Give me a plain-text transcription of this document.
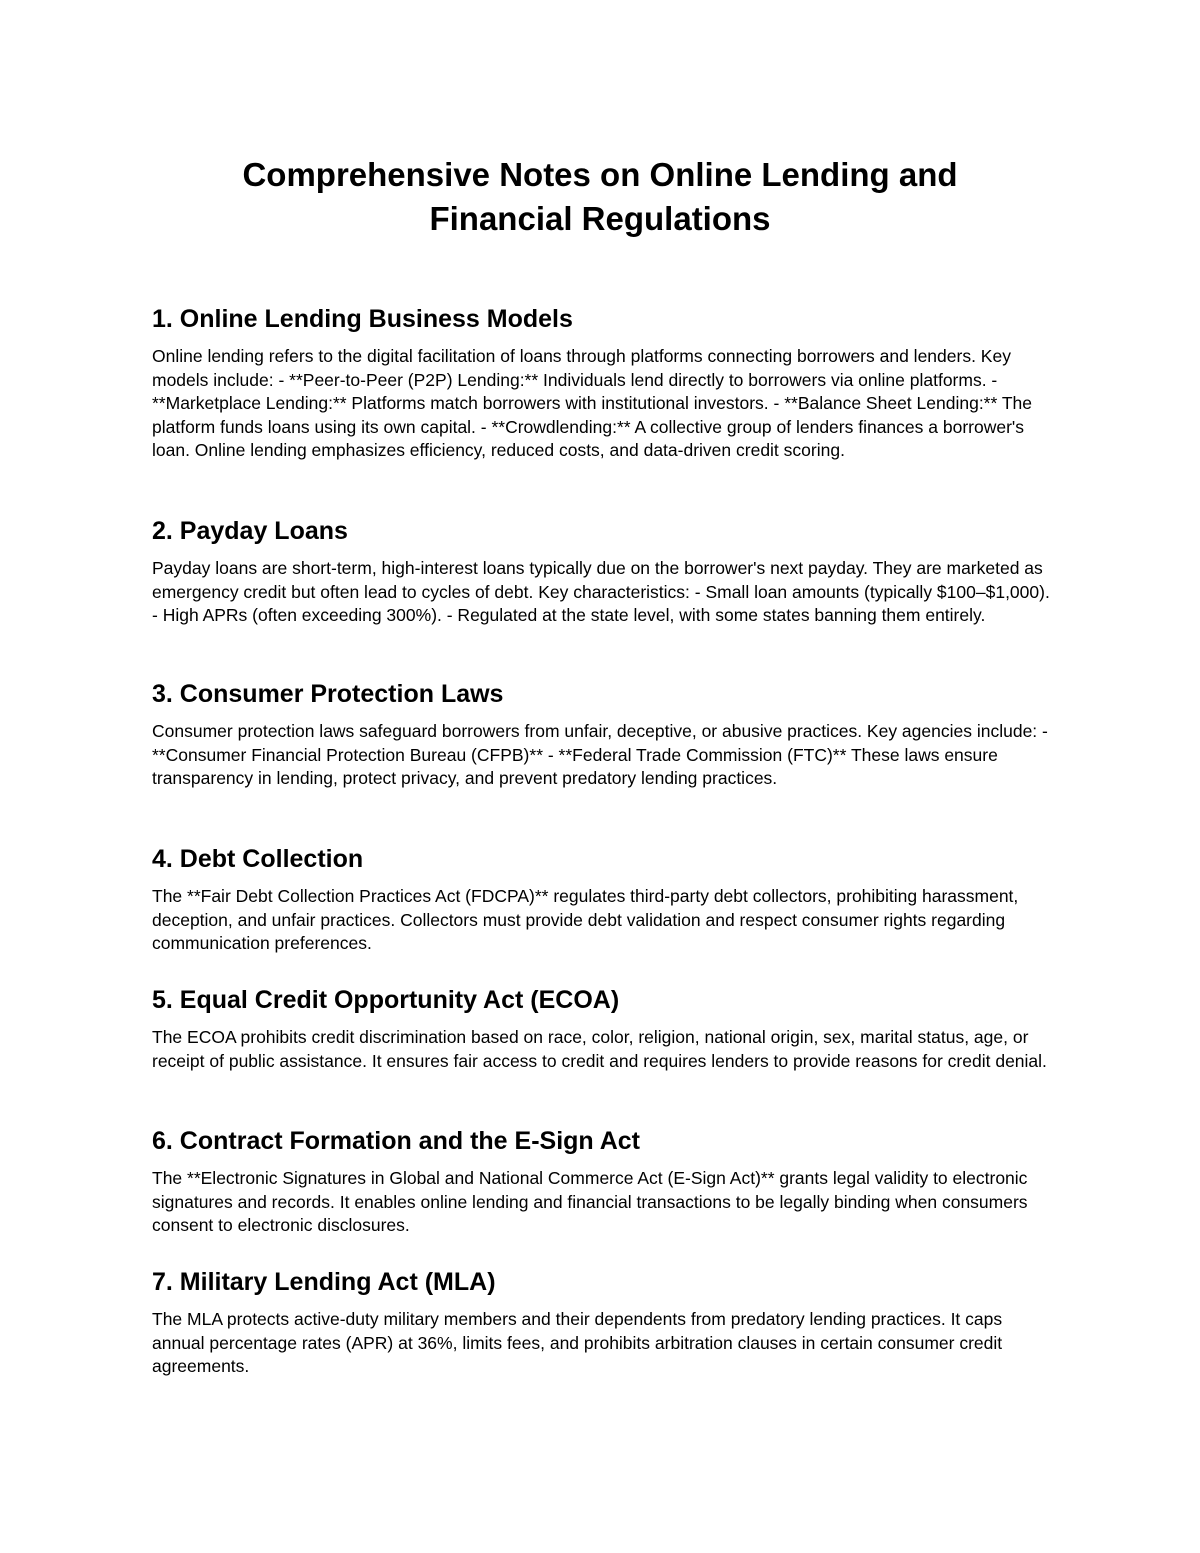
Comprehensive Notes on Online Lending and
Financial Regulations
1. Online Lending Business Models

Online lending refers to the digital facilitation of loans through platforms connecting borrowers and lenders. Key models include: - **Peer-to-Peer (P2P) Lending:** Individuals lend directly to borrowers via online platforms. - **Marketplace Lending:** Platforms match borrowers with institutional investors. - **Balance Sheet Lending:** The platform funds loans using its own capital. - **Crowdlending:** A collective group of lenders finances a borrower's loan. Online lending emphasizes efficiency, reduced costs, and data-driven credit scoring.

2. Payday Loans

Payday loans are short-term, high-interest loans typically due on the borrower's next payday. They are marketed as emergency credit but often lead to cycles of debt. Key characteristics: - Small loan amounts (typically $100–$1,000). - High APRs (often exceeding 300%). - Regulated at the state level, with some states banning them entirely.

3. Consumer Protection Laws

Consumer protection laws safeguard borrowers from unfair, deceptive, or abusive practices. Key agencies include: - **Consumer Financial Protection Bureau (CFPB)** - **Federal Trade Commission (FTC)** These laws ensure transparency in lending, protect privacy, and prevent predatory lending practices.

4. Debt Collection

The **Fair Debt Collection Practices Act (FDCPA)** regulates third-party debt collectors, prohibiting harassment, deception, and unfair practices. Collectors must provide debt validation and respect consumer rights regarding communication preferences.

5. Equal Credit Opportunity Act (ECOA)

The ECOA prohibits credit discrimination based on race, color, religion, national origin, sex, marital status, age, or receipt of public assistance. It ensures fair access to credit and requires lenders to provide reasons for credit denial.

6. Contract Formation and the E-Sign Act

The **Electronic Signatures in Global and National Commerce Act (E-Sign Act)** grants legal validity to electronic signatures and records. It enables online lending and financial transactions to be legally binding when consumers consent to electronic disclosures.

7. Military Lending Act (MLA)

The MLA protects active-duty military members and their dependents from predatory lending practices. It caps annual percentage rates (APR) at 36%, limits fees, and prohibits arbitration clauses in certain consumer credit agreements.
